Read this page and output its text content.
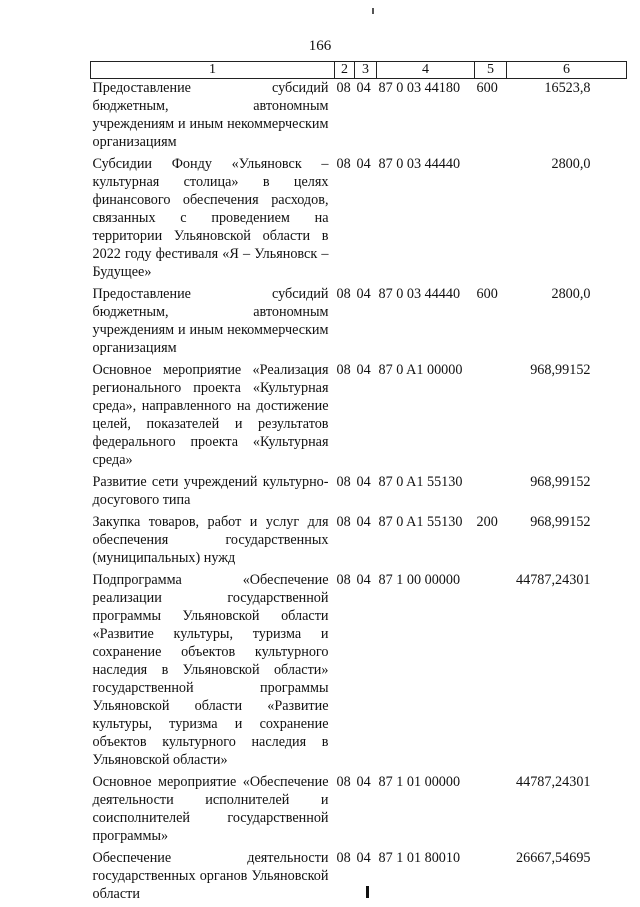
166
1	2	3	4	5	6
Предоставление субсидий бюджетным, автономным учреждениям и иным некоммерческим организациям	08	04	87 0 03 44180	600	16523,8
Субсидии Фонду «Ульяновск – культурная столица» в целях финансового обеспечения расходов, связанных с проведением на территории Ульяновской области в 2022 году фестиваля «Я – Ульяновск – Будущее»	08	04	87 0 03 44440		2800,0
Предоставление субсидий бюджетным, автономным учреждениям и иным некоммерческим организациям	08	04	87 0 03 44440	600	2800,0
Основное мероприятие «Реализация регионального проекта «Культурная среда», направленного на достижение целей, показателей и результатов федерального проекта «Культурная среда»	08	04	87 0 A1 00000		968,99152
Развитие сети учреждений культурно-досугового типа	08	04	87 0 A1 55130		968,99152
Закупка товаров, работ и услуг для обеспечения государственных (муниципальных) нужд	08	04	87 0 A1 55130	200	968,99152
Подпрограмма «Обеспечение реализации государственной программы Ульяновской области «Развитие культуры, туризма и сохранение объектов культурного наследия в Ульяновской области» государственной программы Ульяновской области «Развитие культуры, туризма и сохранение объектов культурного наследия в Ульяновской области»	08	04	87 1 00 00000		44787,24301
Основное мероприятие «Обеспечение деятельности исполнителей и соисполнителей государственной программы»	08	04	87 1 01 00000		44787,24301
Обеспечение деятельности государственных органов Ульяновской области	08	04	87 1 01 80010		26667,54695
